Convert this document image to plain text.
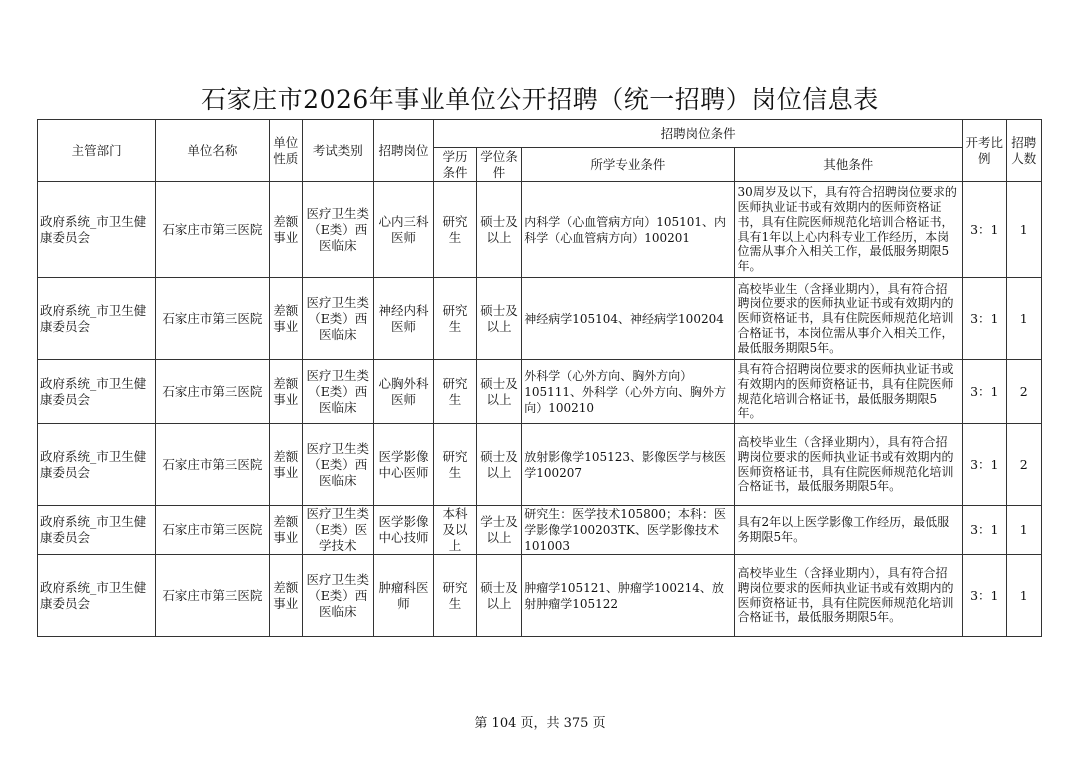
石家庄市2026年事业单位公开招聘（统一招聘）岗位信息表
主管部门	单位名称	单位性质	考试类别	招聘岗位	招聘岗位条件				开考比例	招聘人数
					学历条件	学位条件	所学专业条件	其他条件		
政府系统_市卫生健康委员会	石家庄市第三医院	差额事业	医疗卫生类（E类）西医临床	心内三科医师	研究生	硕士及以上	内科学（心血管病方向）105101、内科学（心血管病方向）100201	30周岁及以下，具有符合招聘岗位要求的医师执业证书或有效期内的医师资格证书，具有住院医师规范化培训合格证书，具有1年以上心内科专业工作经历，本岗位需从事介入相关工作，最低服务期限5年。	3：1	1
政府系统_市卫生健康委员会	石家庄市第三医院	差额事业	医疗卫生类（E类）西医临床	神经内科医师	研究生	硕士及以上	神经病学105104、神经病学100204	高校毕业生（含择业期内），具有符合招聘岗位要求的医师执业证书或有效期内的医师资格证书，具有住院医师规范化培训合格证书，本岗位需从事介入相关工作，最低服务期限5年。	3：1	1
政府系统_市卫生健康委员会	石家庄市第三医院	差额事业	医疗卫生类（E类）西医临床	心胸外科医师	研究生	硕士及以上	外科学（心外方向、胸外方向）105111、外科学（心外方向、胸外方向）100210	具有符合招聘岗位要求的医师执业证书或有效期内的医师资格证书，具有住院医师规范化培训合格证书，最低服务期限5年。	3：1	2
政府系统_市卫生健康委员会	石家庄市第三医院	差额事业	医疗卫生类（E类）西医临床	医学影像中心医师	研究生	硕士及以上	放射影像学105123、影像医学与核医学100207	高校毕业生（含择业期内），具有符合招聘岗位要求的医师执业证书或有效期内的医师资格证书，具有住院医师规范化培训合格证书，最低服务期限5年。	3：1	2
政府系统_市卫生健康委员会	石家庄市第三医院	差额事业	医疗卫生类（E类）医学技术	医学影像中心技师	本科及以上	学士及以上	研究生：医学技术105800；本科：医学影像学100203TK、医学影像技术101003	具有2年以上医学影像工作经历，最低服务期限5年。	3：1	1
政府系统_市卫生健康委员会	石家庄市第三医院	差额事业	医疗卫生类（E类）西医临床	肿瘤科医师	研究生	硕士及以上	肿瘤学105121、肿瘤学100214、放射肿瘤学105122	高校毕业生（含择业期内），具有符合招聘岗位要求的医师执业证书或有效期内的医师资格证书，具有住院医师规范化培训合格证书，最低服务期限5年。	3：1	1
第 104 页，共 375 页
